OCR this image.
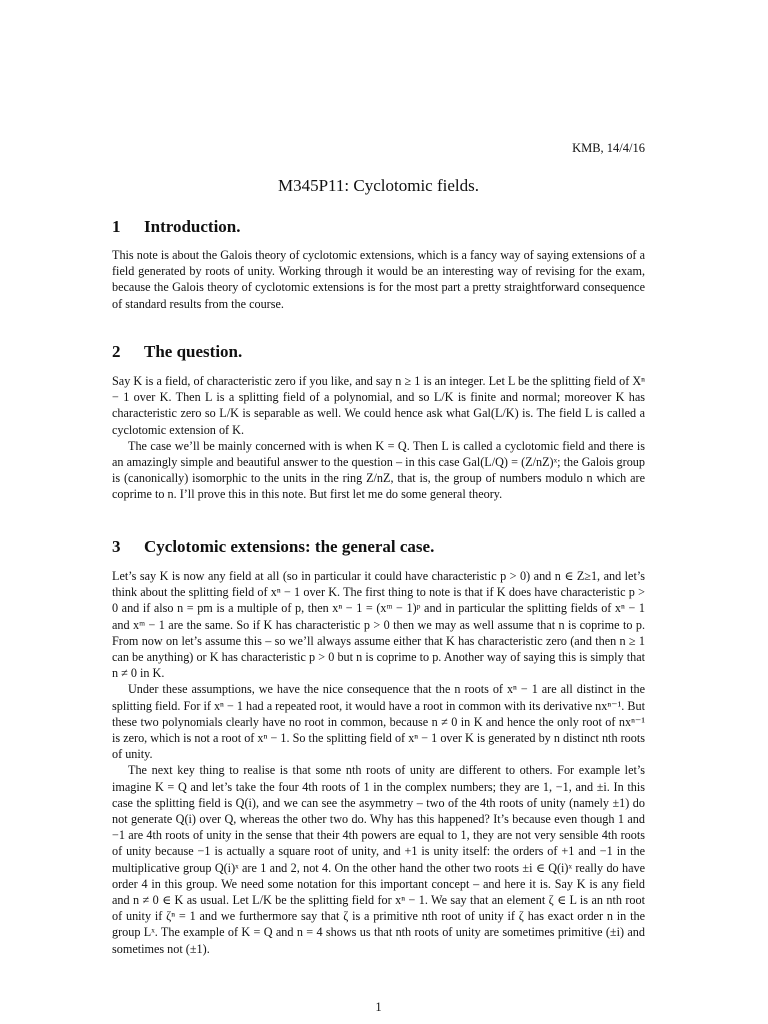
KMB, 14/4/16
M345P11: Cyclotomic fields.
1 Introduction.

This note is about the Galois theory of cyclotomic extensions, which is a fancy way of saying extensions of a field generated by roots of unity. Working through it would be an interesting way of revising for the exam, because the Galois theory of cyclotomic extensions is for the most part a pretty straightforward consequence of standard results from the course.

2 The question.

Say K is a field, of characteristic zero if you like, and say n ≥ 1 is an integer. Let L be the splitting field of Xⁿ − 1 over K. Then L is a splitting field of a polynomial, and so L/K is finite and normal; moreover K has characteristic zero so L/K is separable as well. We could hence ask what Gal(L/K) is. The field L is called a cyclotomic extension of K.

The case we’ll be mainly concerned with is when K = Q. Then L is called a cyclotomic field and there is an amazingly simple and beautiful answer to the question – in this case Gal(L/Q) = (Z/nZ)ˣ; the Galois group is (canonically) isomorphic to the units in the ring Z/nZ, that is, the group of numbers modulo n which are coprime to n. I’ll prove this in this note. But first let me do some general theory.

3 Cyclotomic extensions: the general case.

Let’s say K is now any field at all (so in particular it could have characteristic p > 0) and n ∈ Z≥1, and let’s think about the splitting field of xⁿ − 1 over K. The first thing to note is that if K does have characteristic p > 0 and if also n = pm is a multiple of p, then xⁿ − 1 = (xᵐ − 1)ᵖ and in particular the splitting fields of xⁿ − 1 and xᵐ − 1 are the same. So if K has characteristic p > 0 then we may as well assume that n is coprime to p. From now on let’s assume this – so we’ll always assume either that K has characteristic zero (and then n ≥ 1 can be anything) or K has characteristic p > 0 but n is coprime to p. Another way of saying this is simply that n ≠ 0 in K.

Under these assumptions, we have the nice consequence that the n roots of xⁿ − 1 are all distinct in the splitting field. For if xⁿ − 1 had a repeated root, it would have a root in common with its derivative nxⁿ⁻¹. But these two polynomials clearly have no root in common, because n ≠ 0 in K and hence the only root of nxⁿ⁻¹ is zero, which is not a root of xⁿ − 1. So the splitting field of xⁿ − 1 over K is generated by n distinct nth roots of unity.

The next key thing to realise is that some nth roots of unity are different to others. For example let’s imagine K = Q and let’s take the four 4th roots of 1 in the complex numbers; they are 1, −1, and ±i. In this case the splitting field is Q(i), and we can see the asymmetry – two of the 4th roots of unity (namely ±1) do not generate Q(i) over Q, whereas the other two do. Why has this happened? It’s because even though 1 and −1 are 4th roots of unity in the sense that their 4th powers are equal to 1, they are not very sensible 4th roots of unity because −1 is actually a square root of unity, and +1 is unity itself: the orders of +1 and −1 in the multiplicative group Q(i)ˣ are 1 and 2, not 4. On the other hand the other two roots ±i ∈ Q(i)ˣ really do have order 4 in this group. We need some notation for this important concept – and here it is. Say K is any field and n ≠ 0 ∈ K as usual. Let L/K be the splitting field for xⁿ − 1. We say that an element ζ ∈ L is an nth root of unity if ζⁿ = 1 and we furthermore say that ζ is a primitive nth root of unity if ζ has exact order n in the group Lˣ. The example of K = Q and n = 4 shows us that nth roots of unity are sometimes primitive (±i) and sometimes not (±1).

1
